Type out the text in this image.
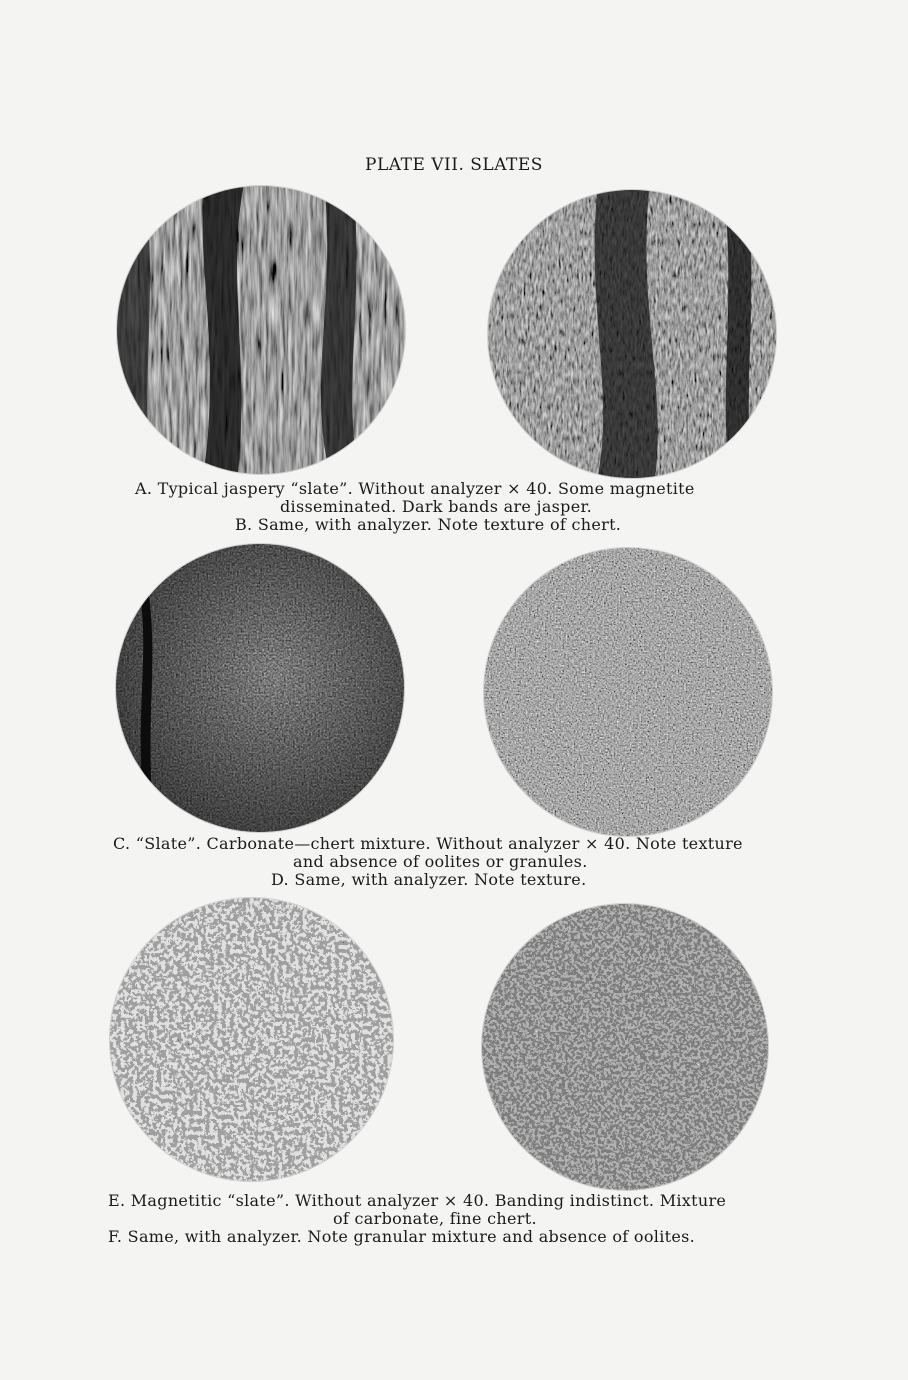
PLATE VII. SLATES
A. Typical jaspery “slate”. Without analyzer × 40. Some magnetite
disseminated. Dark bands are jasper.
B. Same, with analyzer. Note texture of chert.
C. “Slate”. Carbonate—chert mixture. Without analyzer × 40. Note texture
and absence of oolites or granules.
D. Same, with analyzer. Note texture.
E. Magnetitic “slate”. Without analyzer × 40. Banding indistinct. Mixture
of carbonate, fine chert.
F. Same, with analyzer. Note granular mixture and absence of oolites.
